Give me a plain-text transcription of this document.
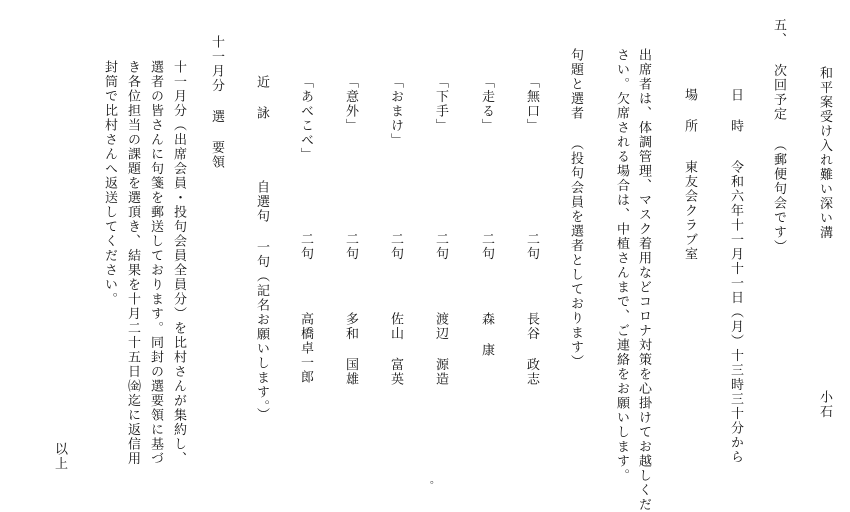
和平案受け入れ難い深い溝
小石
五、 次回予定 （郵便句会です）
日 時
令和六年十一月十一日（月）十三時三十分から
場 所
東友会クラブ室
出席者は、体調管理、マスク着用などコロナ対策を心掛けてお越しくだ
さい。欠席される場合は、中植さんまで、ご連絡をお願いします。
句題と選者 （投句会員を選者としております）
「無口」
二句
長谷 政志
「走る」
二句
森 康
「下手」
二句
渡辺 源造
「おまけ」
二句
佐山 富英
「意外」
二句
多和 国雄
「あべこべ」
二句
高橋卓一郎
近 詠
自選句 一句（記名お願いします。）
十一月分 選 要領
十一月分（出席会員・投句会員全員分）を比村さんが集約し、選者の皆さんに句箋を郵送しております。同封の選要領に基づき各位担当の課題を選頂き、結果を十月二十五日㈮迄に返信用封筒で比村さんへ返送してください。
以上
。
